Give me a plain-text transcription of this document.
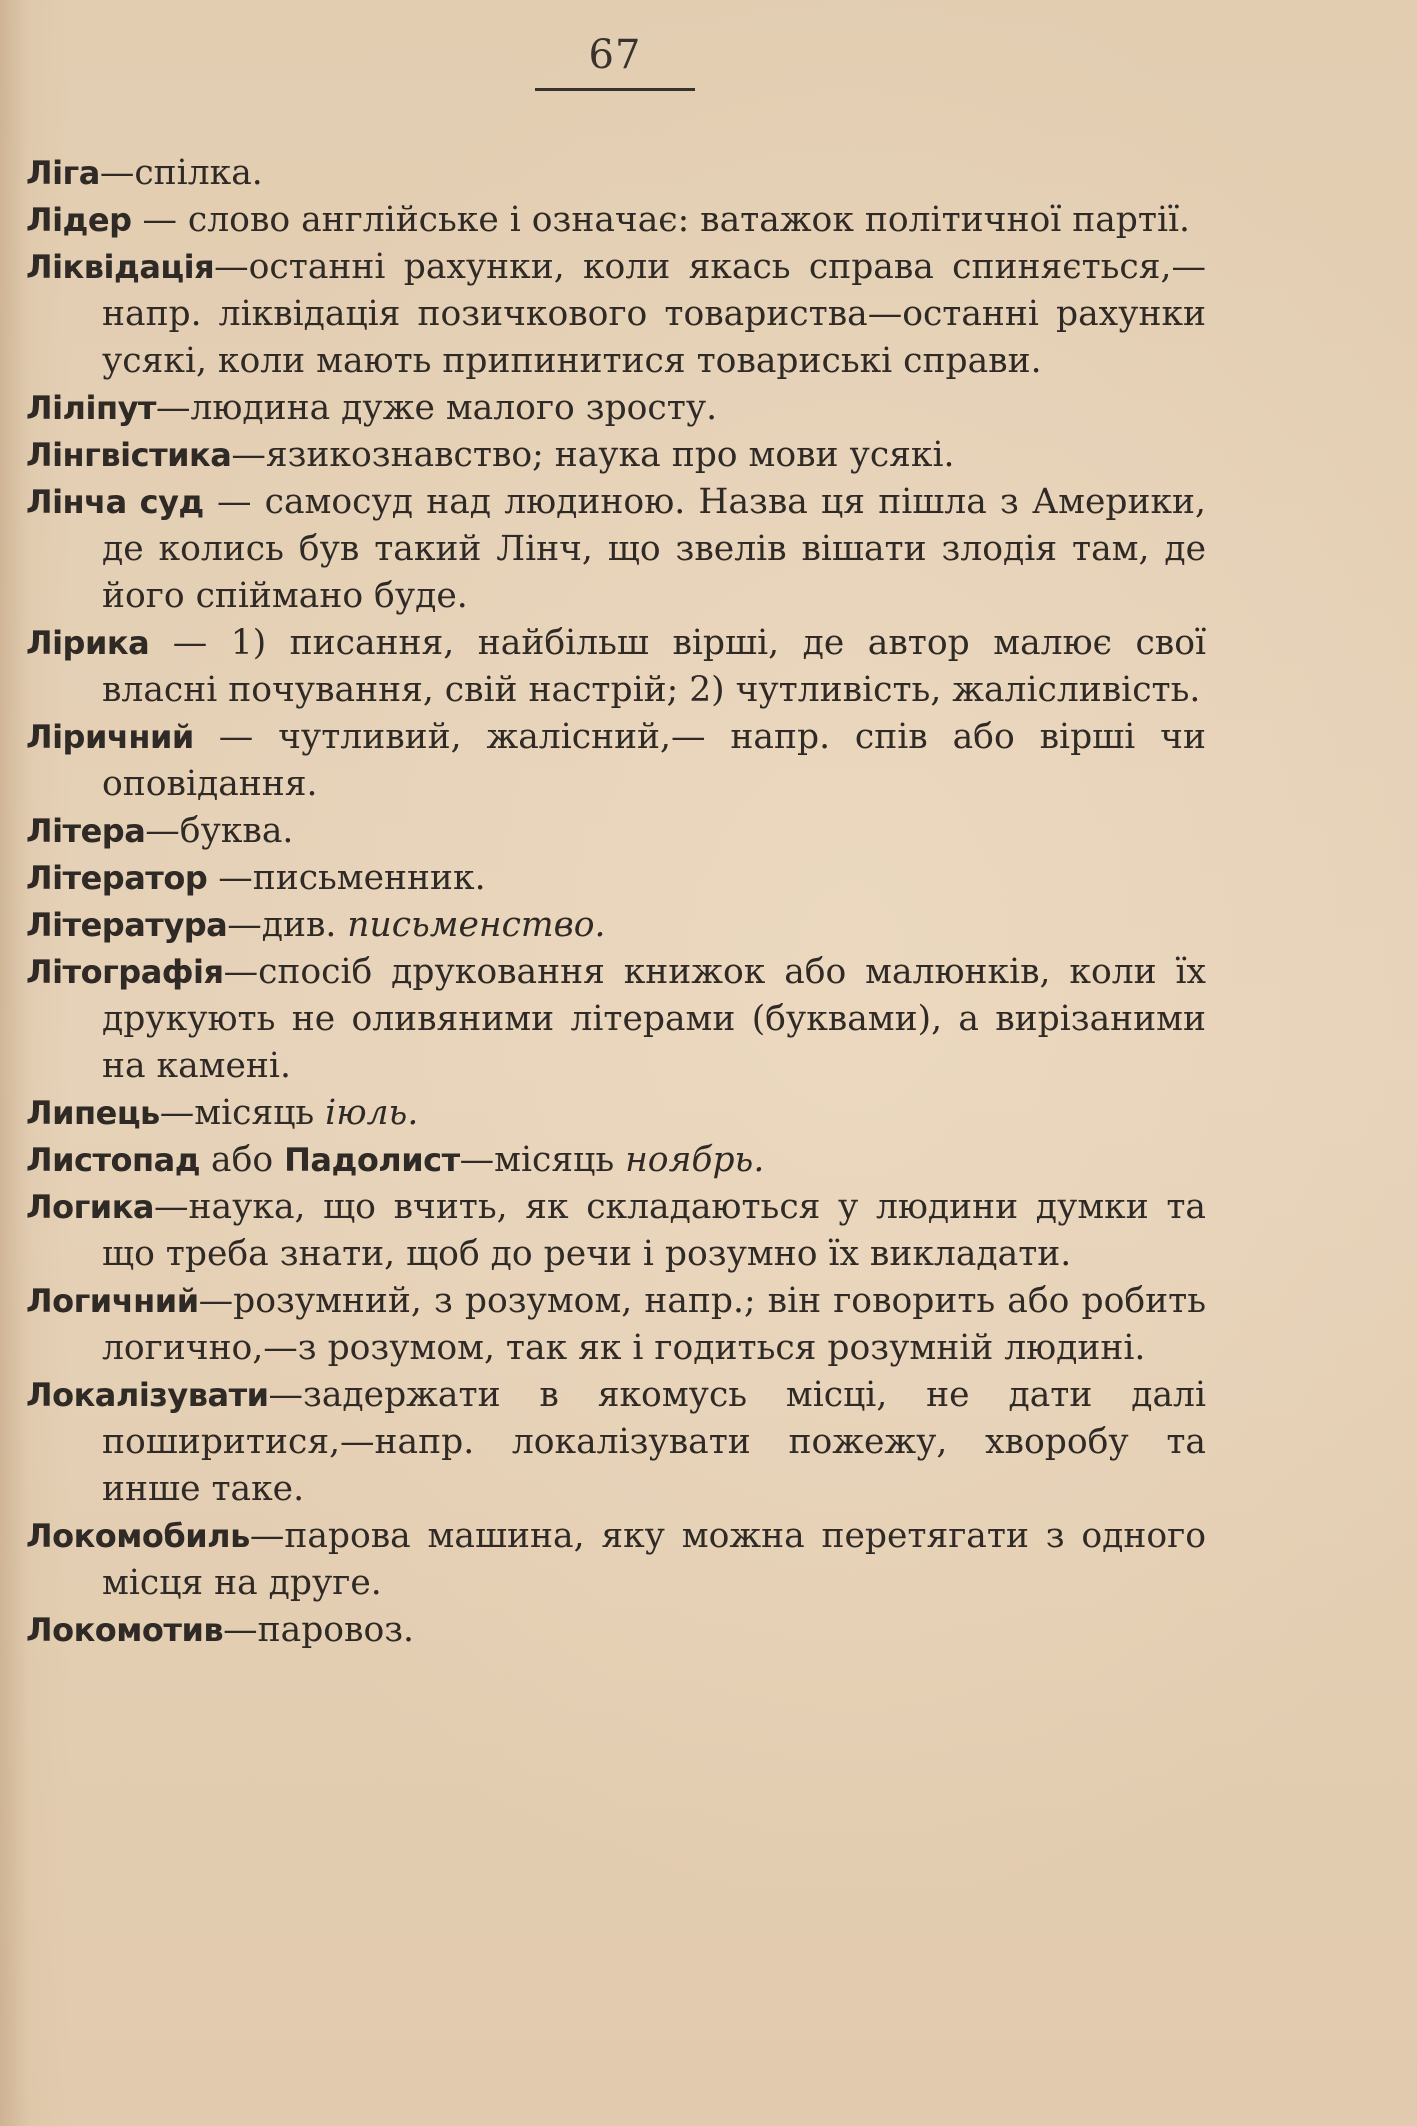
67

Ліга—спілка.

Лідер — слово англійське і означає: ватажок політичної партії.

Ліквідація—останні рахунки, коли якась справа спиняється,—напр. ліквідація позичкового товариства—останні рахунки усякі, коли мають припинитися товариські справи.

Ліліпут—людина дуже малого зросту.

Лінгвістика—язикознавство; наука про мови усякі.

Лінча суд — самосуд над людиною. Назва ця пішла з Америки, де колись був такий Лінч, що звелів вішати злодія там, де його спіймано буде.

Лірика — 1) писання, найбільш вірші, де автор малює свої власні почування, свій настрій; 2) чутливість, жалісливість.

Ліричний — чутливий, жалісний,— напр. спів або вірші чи оповідання.

Літера—буква.

Літератор —письменник.

Література—див. письменство.

Літографія—спосіб друковання книжок або малюнків, коли їх друкують не оливяними літерами (буквами), а вирізаними на камені.

Липець—місяць іюль.

Листопад або Падолист—місяць ноябрь.

Логика—наука, що вчить, як складаються у людини думки та що треба знати, щоб до речи і розумно їх викладати.

Логичний—розумний, з розумом, напр.; він говорить або робить логично,—з розумом, так як і годиться розумній людині.

Локалізувати—задержати в якомусь місці, не дати далі поширитися,—напр. локалізувати пожежу, хворобу та инше таке.

Локомобиль—парова машина, яку можна перетягати з одного місця на друге.

Локомотив—паровоз.
